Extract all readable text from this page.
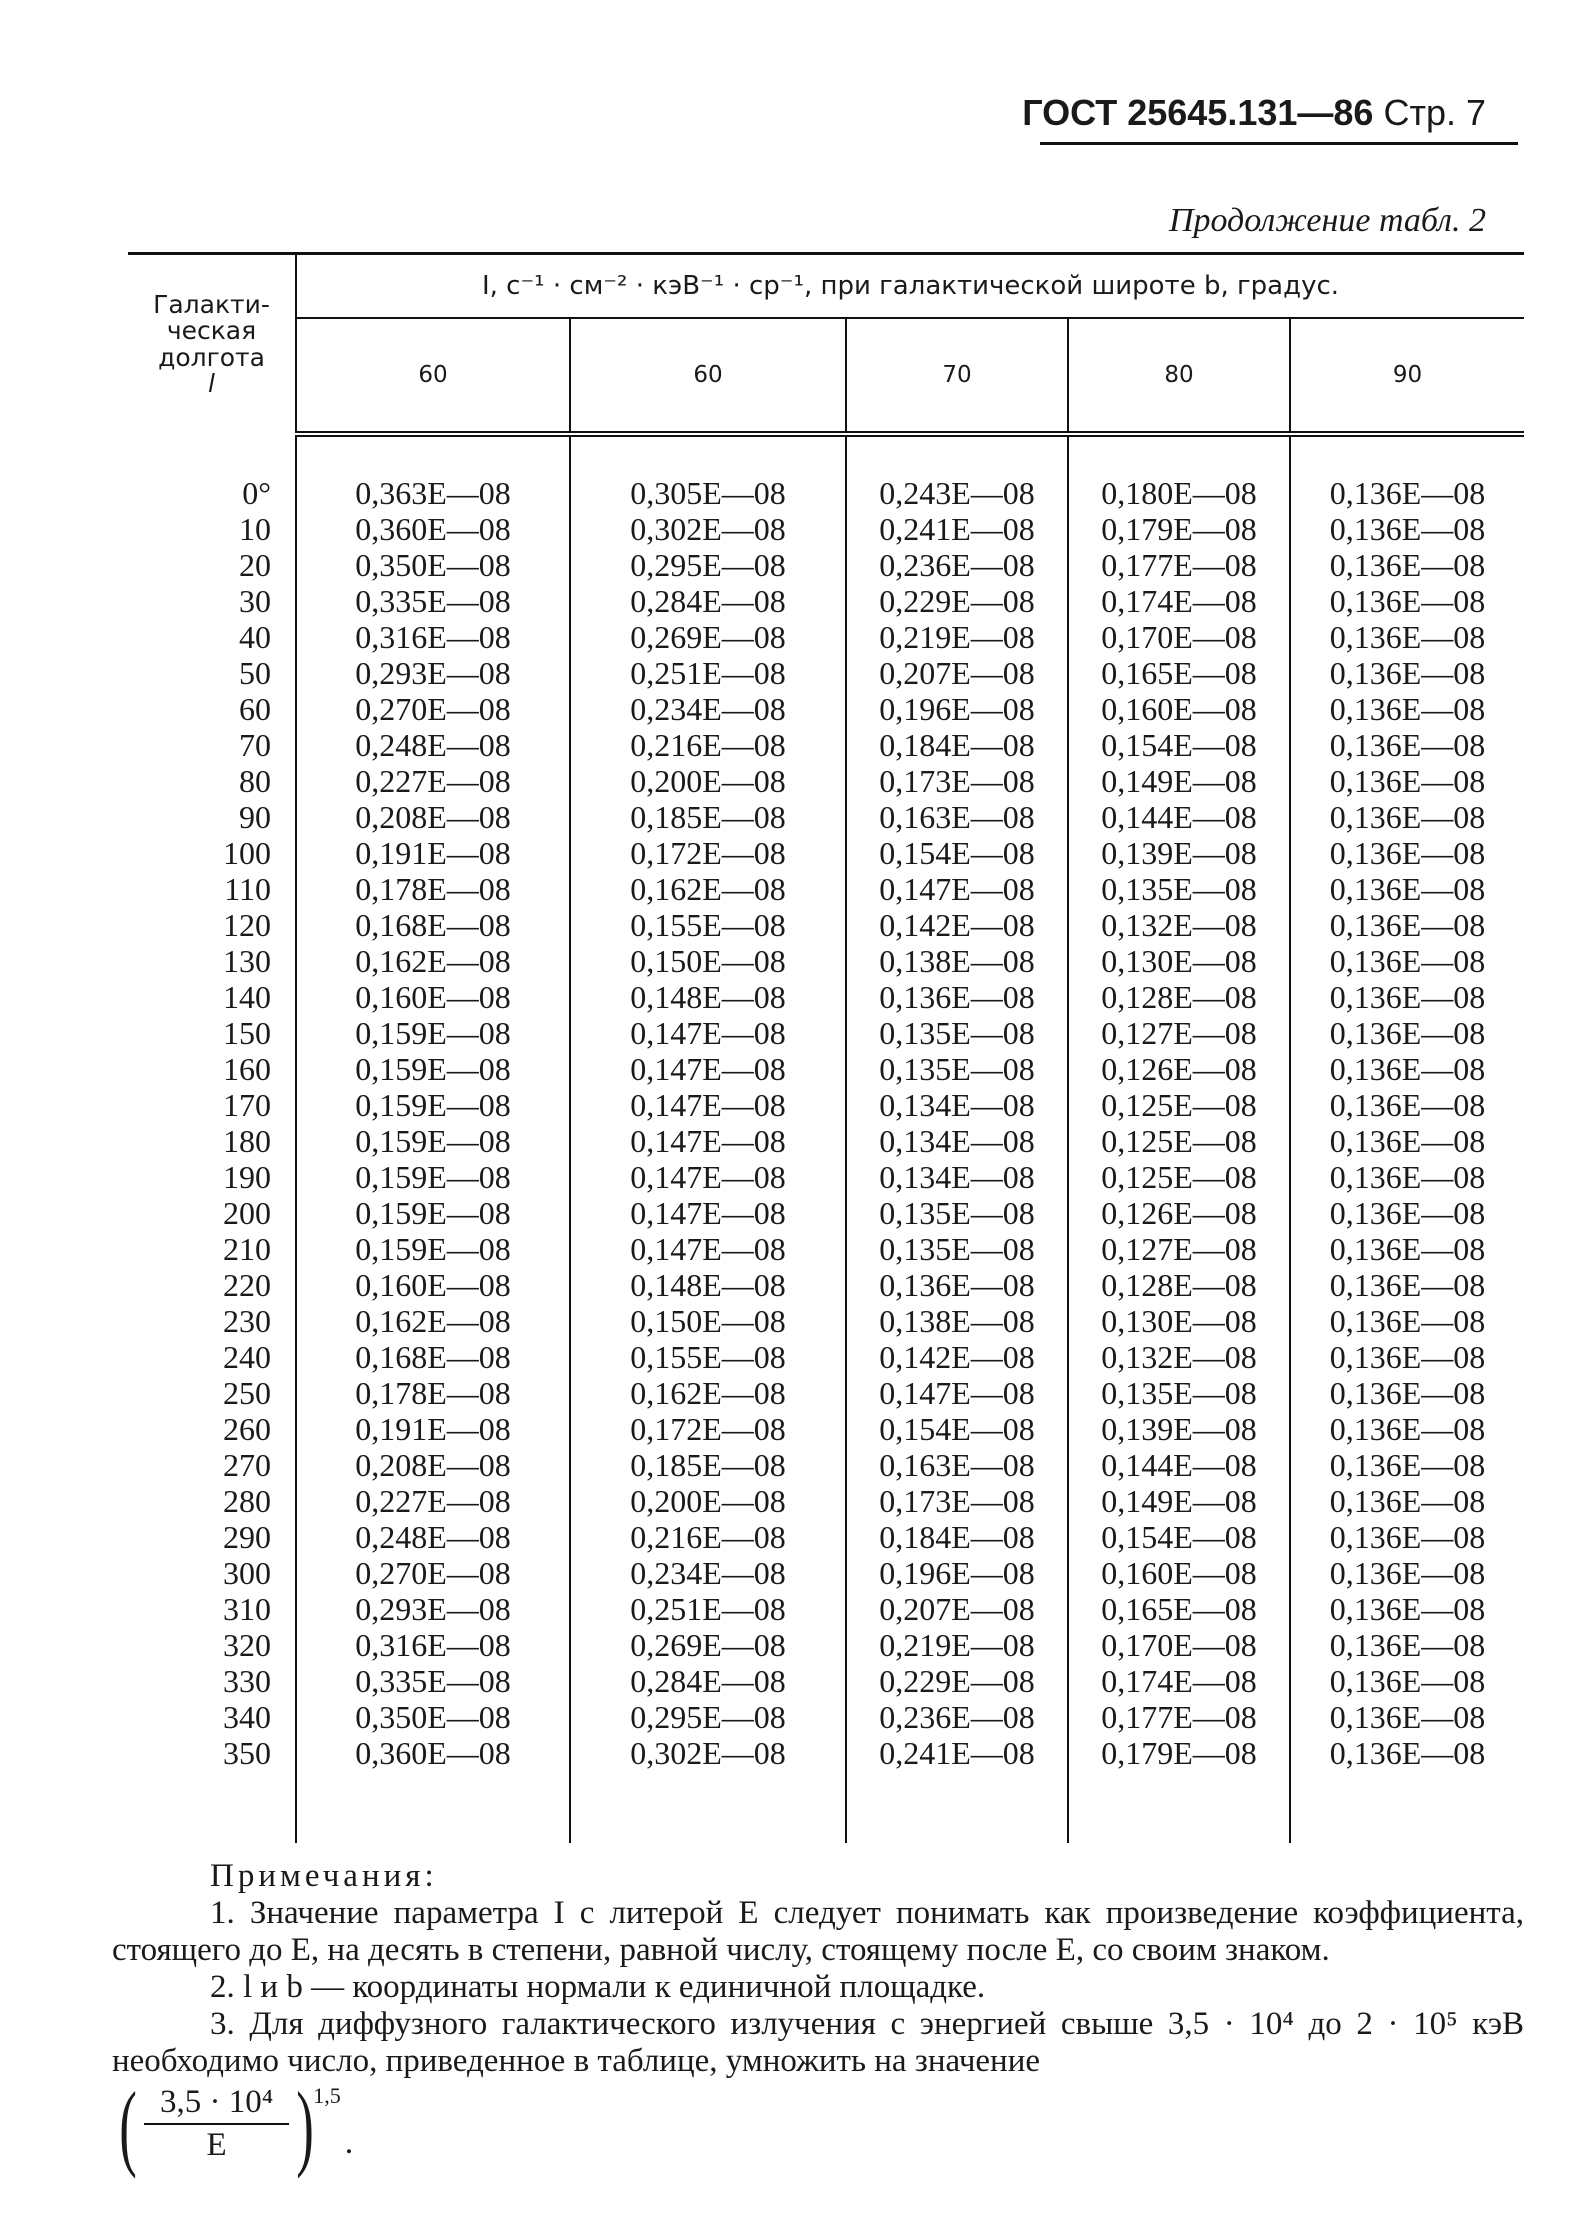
ГОСТ 25645.131—86 Стр. 7
Продолжение табл. 2
Галакти-
ческая
долгота
l	I, с⁻¹ · см⁻² · кэВ⁻¹ · ср⁻¹, при галактической широте b, градус.				
	60	60	70	80	90

0°	0,363E—08	0,305E—08	0,243E—08	0,180E—08	0,136E—08
10	0,360E—08	0,302E—08	0,241E—08	0,179E—08	0,136E—08
20	0,350E—08	0,295E—08	0,236E—08	0,177E—08	0,136E—08
30	0,335E—08	0,284E—08	0,229E—08	0,174E—08	0,136E—08
40	0,316E—08	0,269E—08	0,219E—08	0,170E—08	0,136E—08
50	0,293E—08	0,251E—08	0,207E—08	0,165E—08	0,136E—08
60	0,270E—08	0,234E—08	0,196E—08	0,160E—08	0,136E—08
70	0,248E—08	0,216E—08	0,184E—08	0,154E—08	0,136E—08
80	0,227E—08	0,200E—08	0,173E—08	0,149E—08	0,136E—08
90	0,208E—08	0,185E—08	0,163E—08	0,144E—08	0,136E—08
100	0,191E—08	0,172E—08	0,154E—08	0,139E—08	0,136E—08
110	0,178E—08	0,162E—08	0,147E—08	0,135E—08	0,136E—08
120	0,168E—08	0,155E—08	0,142E—08	0,132E—08	0,136E—08
130	0,162E—08	0,150E—08	0,138E—08	0,130E—08	0,136E—08
140	0,160E—08	0,148E—08	0,136E—08	0,128E—08	0,136E—08
150	0,159E—08	0,147E—08	0,135E—08	0,127E—08	0,136E—08
160	0,159E—08	0,147E—08	0,135E—08	0,126E—08	0,136E—08
170	0,159E—08	0,147E—08	0,134E—08	0,125E—08	0,136E—08
180	0,159E—08	0,147E—08	0,134E—08	0,125E—08	0,136E—08
190	0,159E—08	0,147E—08	0,134E—08	0,125E—08	0,136E—08
200	0,159E—08	0,147E—08	0,135E—08	0,126E—08	0,136E—08
210	0,159E—08	0,147E—08	0,135E—08	0,127E—08	0,136E—08
220	0,160E—08	0,148E—08	0,136E—08	0,128E—08	0,136E—08
230	0,162E—08	0,150E—08	0,138E—08	0,130E—08	0,136E—08
240	0,168E—08	0,155E—08	0,142E—08	0,132E—08	0,136E—08
250	0,178E—08	0,162E—08	0,147E—08	0,135E—08	0,136E—08
260	0,191E—08	0,172E—08	0,154E—08	0,139E—08	0,136E—08
270	0,208E—08	0,185E—08	0,163E—08	0,144E—08	0,136E—08
280	0,227E—08	0,200E—08	0,173E—08	0,149E—08	0,136E—08
290	0,248E—08	0,216E—08	0,184E—08	0,154E—08	0,136E—08
300	0,270E—08	0,234E—08	0,196E—08	0,160E—08	0,136E—08
310	0,293E—08	0,251E—08	0,207E—08	0,165E—08	0,136E—08
320	0,316E—08	0,269E—08	0,219E—08	0,170E—08	0,136E—08
330	0,335E—08	0,284E—08	0,229E—08	0,174E—08	0,136E—08
340	0,350E—08	0,295E—08	0,236E—08	0,177E—08	0,136E—08
350	0,360E—08	0,302E—08	0,241E—08	0,179E—08	0,136E—08

Примечания:

1. Значение параметра I с литерой E следует понимать как произведение коэффициента, стоящего до E, на десять в степени, равной числу, стоящему после E, со своим знаком.

2. l и b — координаты нормали к единичной площадке.

3. Для диффузного галактического излучения с энергией свыше 3,5 · 10⁴ до 2 · 10⁵ кэВ необходимо число, приведенное в таблице, умножить на значение

( $\frac{\text{3,5 · 10⁴}}{E}$ ) 1,5
.
